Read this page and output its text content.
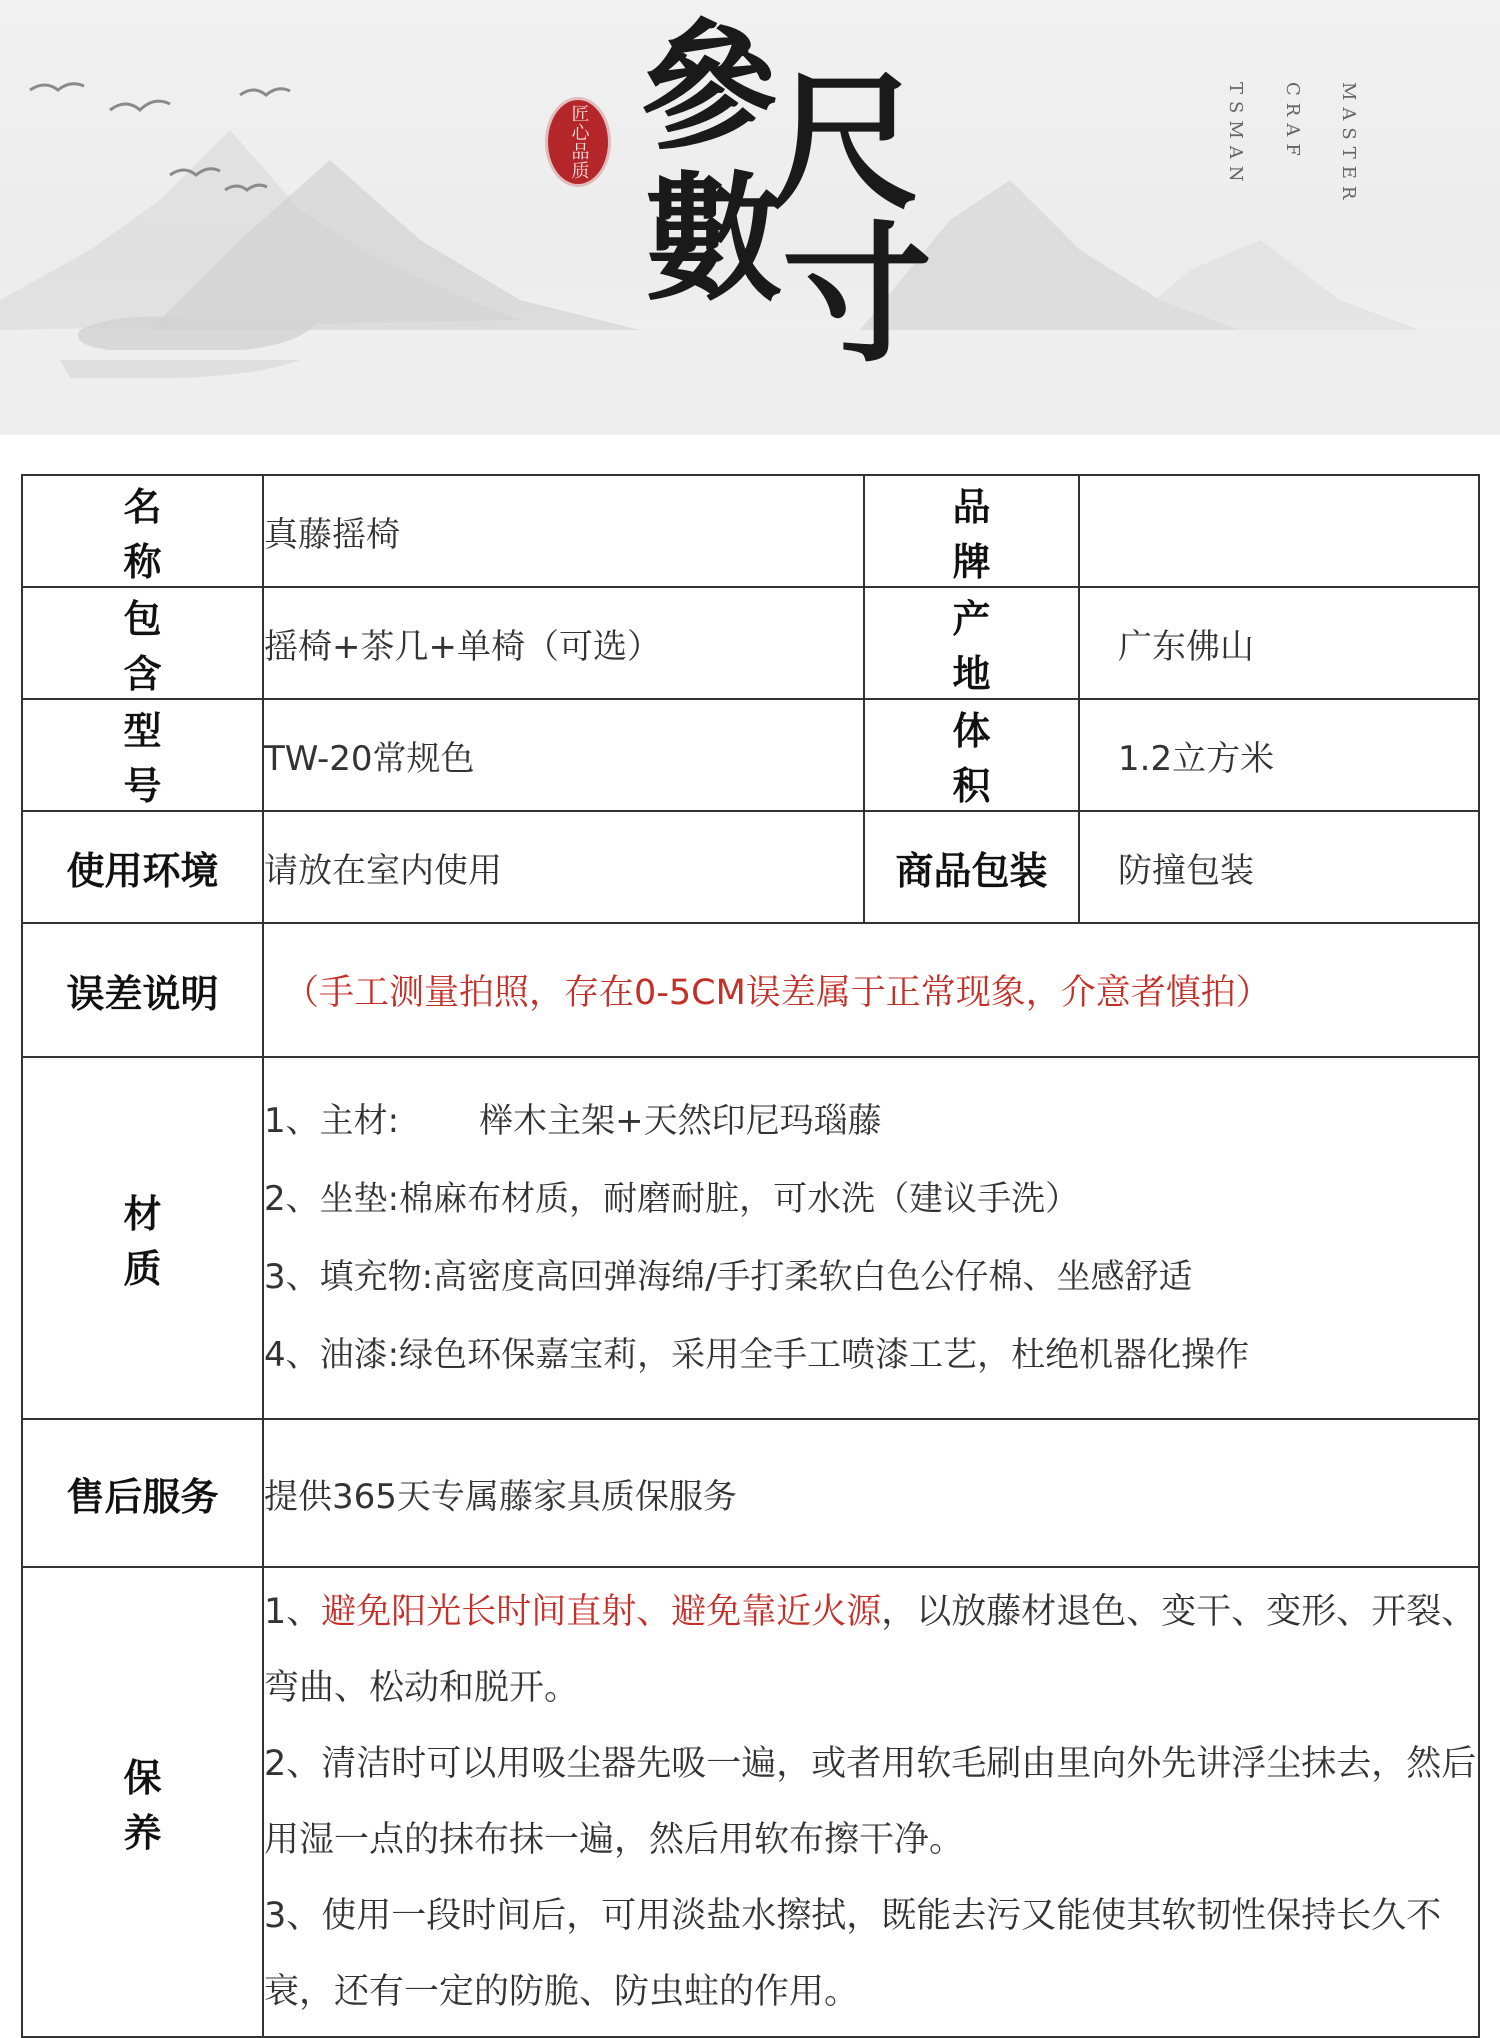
匠心品质 參
數
尺
寸
MASTER
CRAF
TSMAN
名称	真藤摇椅	品牌	
包含	摇椅+茶几+单椅（可选）	产地	广东佛山
型号	TW-20常规色	体积	1.2立方米
使用环境	请放在室内使用	商品包装	防撞包装
误差说明	（手工测量拍照，存在0-5CM误差属于正常现象，介意者慎拍）		
材质	1、主材: 榉木主架+天然印尼玛瑙藤
2、坐垫:棉麻布材质，耐磨耐脏，可水洗（建议手洗）
3、填充物:高密度高回弹海绵/手打柔软白色公仔棉、坐感舒适
4、油漆:绿色环保嘉宝莉，采用全手工喷漆工艺，杜绝机器化操作		

售后服务	提供365天专属藤家具质保服务		
保养	1、避免阳光长时间直射、避免靠近火源，以放藤材退色、变干、变形、开裂、弯曲、松动和脱开。

2、清洁时可以用吸尘器先吸一遍，或者用软毛刷由里向外先讲浮尘抹去，然后用湿一点的抹布抹一遍，然后用软布擦干净。

3、使用一段时间后，可用淡盐水擦拭，既能去污又能使其软韧性保持长久不衰，还有一定的防脆、防虫蛀的作用。		
